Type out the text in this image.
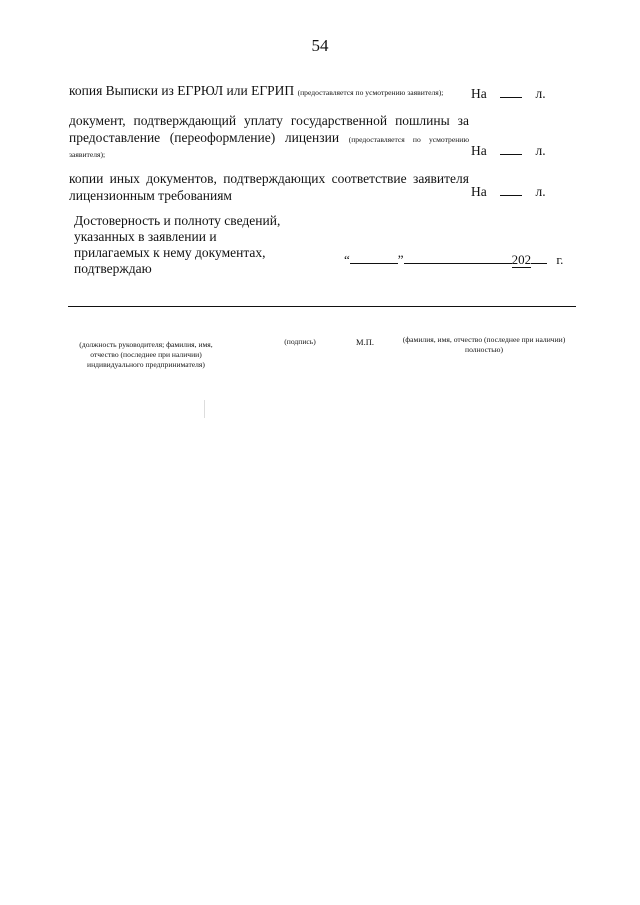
54
копия Выписки из ЕГРЮЛ или ЕГРИП (предоставляется по усмотрению заявителя);	На	л.
документ, подтверждающий уплату государственной пошлины за
предоставление (переоформление) лицензии (предоставляется по усмотрению
заявителя);	На	л.
копии иных документов, подтверждающих соответствие заявителя
лицензионным требованиям	На	л.
Достоверность и полноту сведений,
указанных в заявлении и
прилагаемых к нему документах,
подтверждаю
“	”	202 г.
(должность руководителя; фамилия, имя,
отчество (последнее при наличии)
индивидуального предпринимателя)
(подпись)	М.П.	(фамилия, имя, отчество (последнее при наличии)
полностью)
